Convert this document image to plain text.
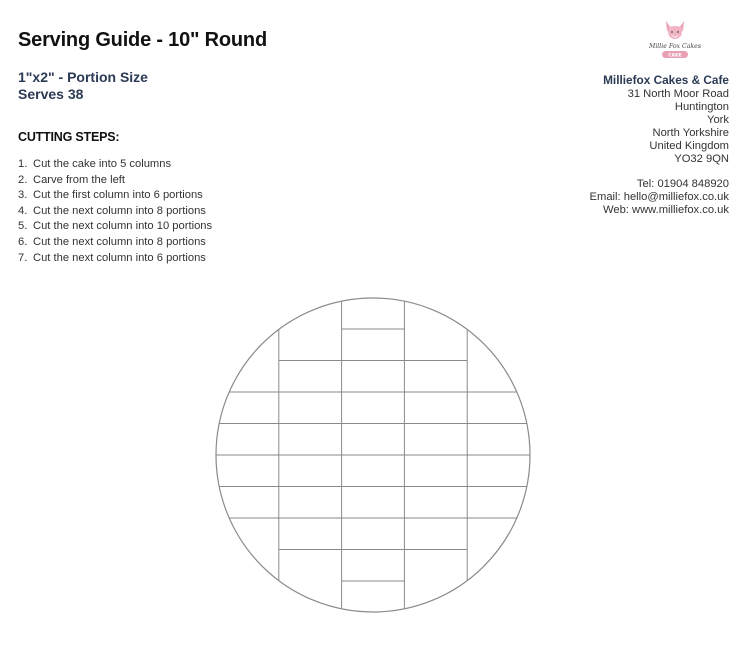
Serving Guide - 10" Round
1"x2" - Portion Size
Serves 38
CUTTING STEPS:
1. Cut the cake into 5 columns
2. Carve from the left
3. Cut the first column into 6 portions
4. Cut the next column into 8 portions
5. Cut the next column into 10 portions
6. Cut the next column into 8 portions
7. Cut the next column into 6 portions
Millie Fox Cakes
CAKE
Milliefox Cakes & Cafe
31 North Moor Road
Huntington
York
North Yorkshire
United Kingdom
YO32 9QN
Tel: 01904 848920
Email: hello@milliefox.co.uk
Web: www.milliefox.co.uk
